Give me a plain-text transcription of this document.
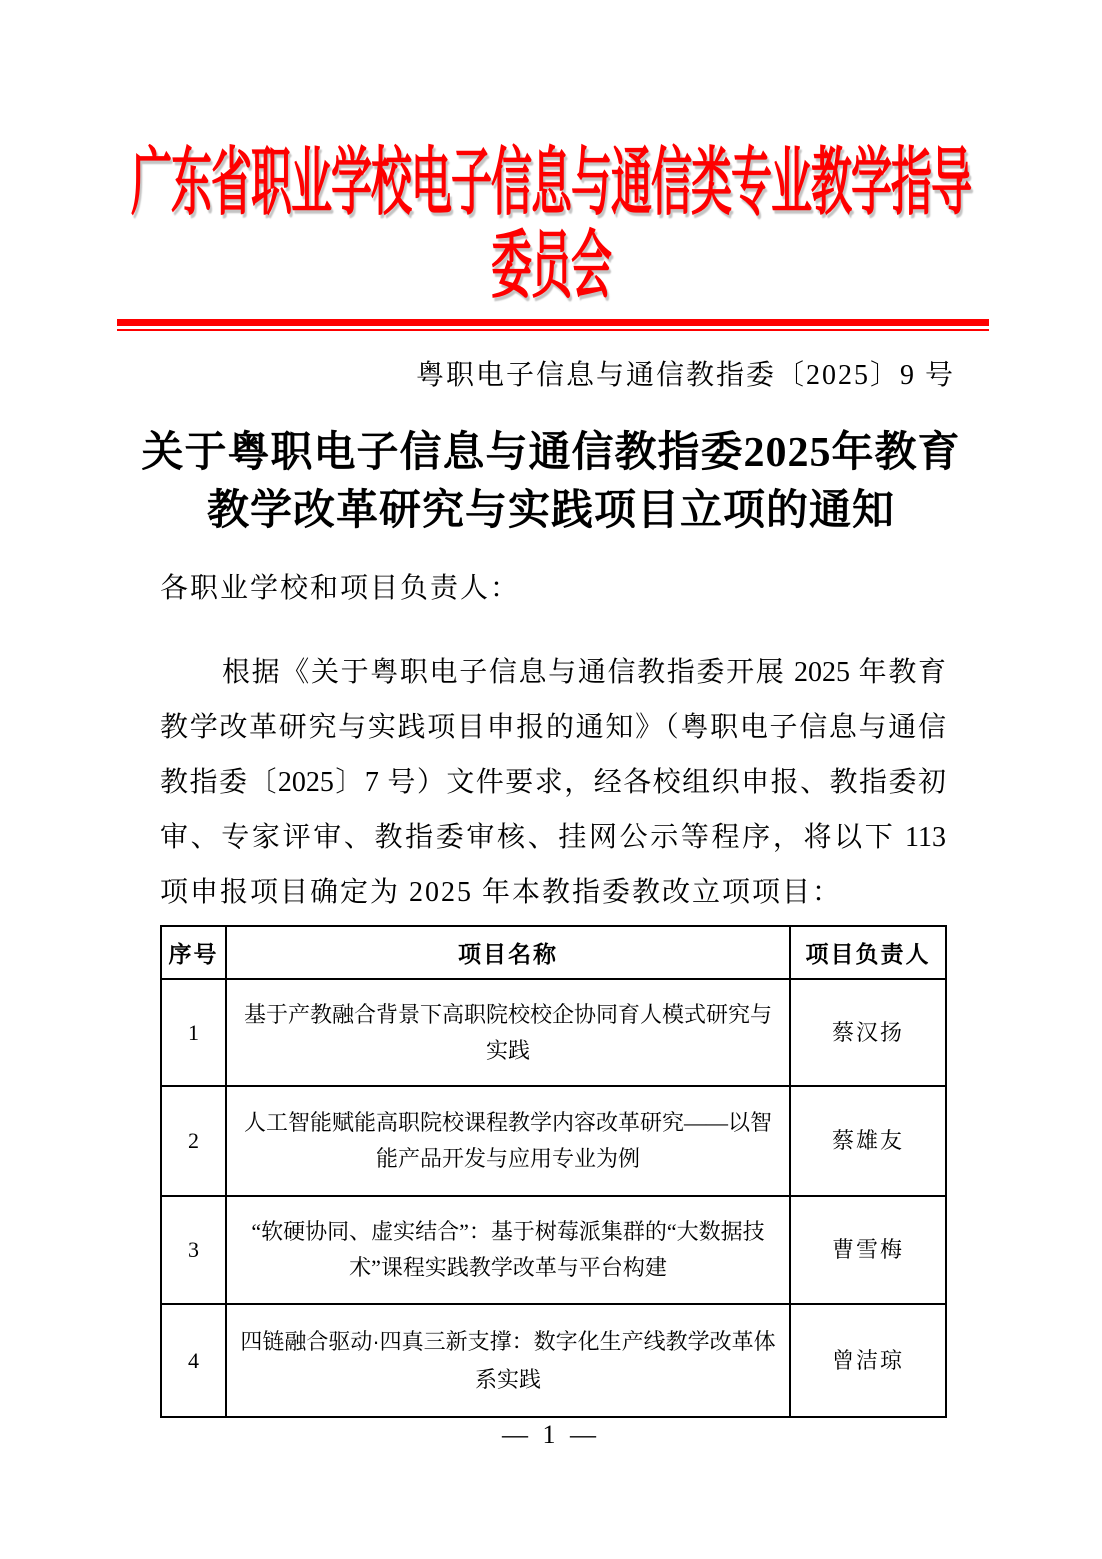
广东省职业学校电子信息与通信类专业教学指导
委员会
粤职电子信息与通信教指委〔2025〕9 号
关于粤职电子信息与通信教指委2025年教育
教学改革研究与实践项目立项的通知
各职业学校和项目负责人：
根据《关于粤职电子信息与通信教指委开展 2025 年教育
教学改革研究与实践项目申报的通知》（粤职电子信息与通信
教指委〔2025〕7 号）文件要求，经各校组织申报、教指委初
审、专家评审、教指委审核、挂网公示等程序，将以下 113
项申报项目确定为 2025 年本教指委教改立项项目：
序号	项目名称	项目负责人
1	基于产教融合背景下高职院校校企协同育人模式研究与实践	蔡汉扬
2	人工智能赋能高职院校课程教学内容改革研究——以智能产品开发与应用专业为例	蔡雄友
3	“软硬协同、虚实结合”：基于树莓派集群的“大数据技术”课程实践教学改革与平台构建	曹雪梅
4	四链融合驱动·四真三新支撑：数字化生产线教学改革体系实践	曾洁琼
— 1 —
